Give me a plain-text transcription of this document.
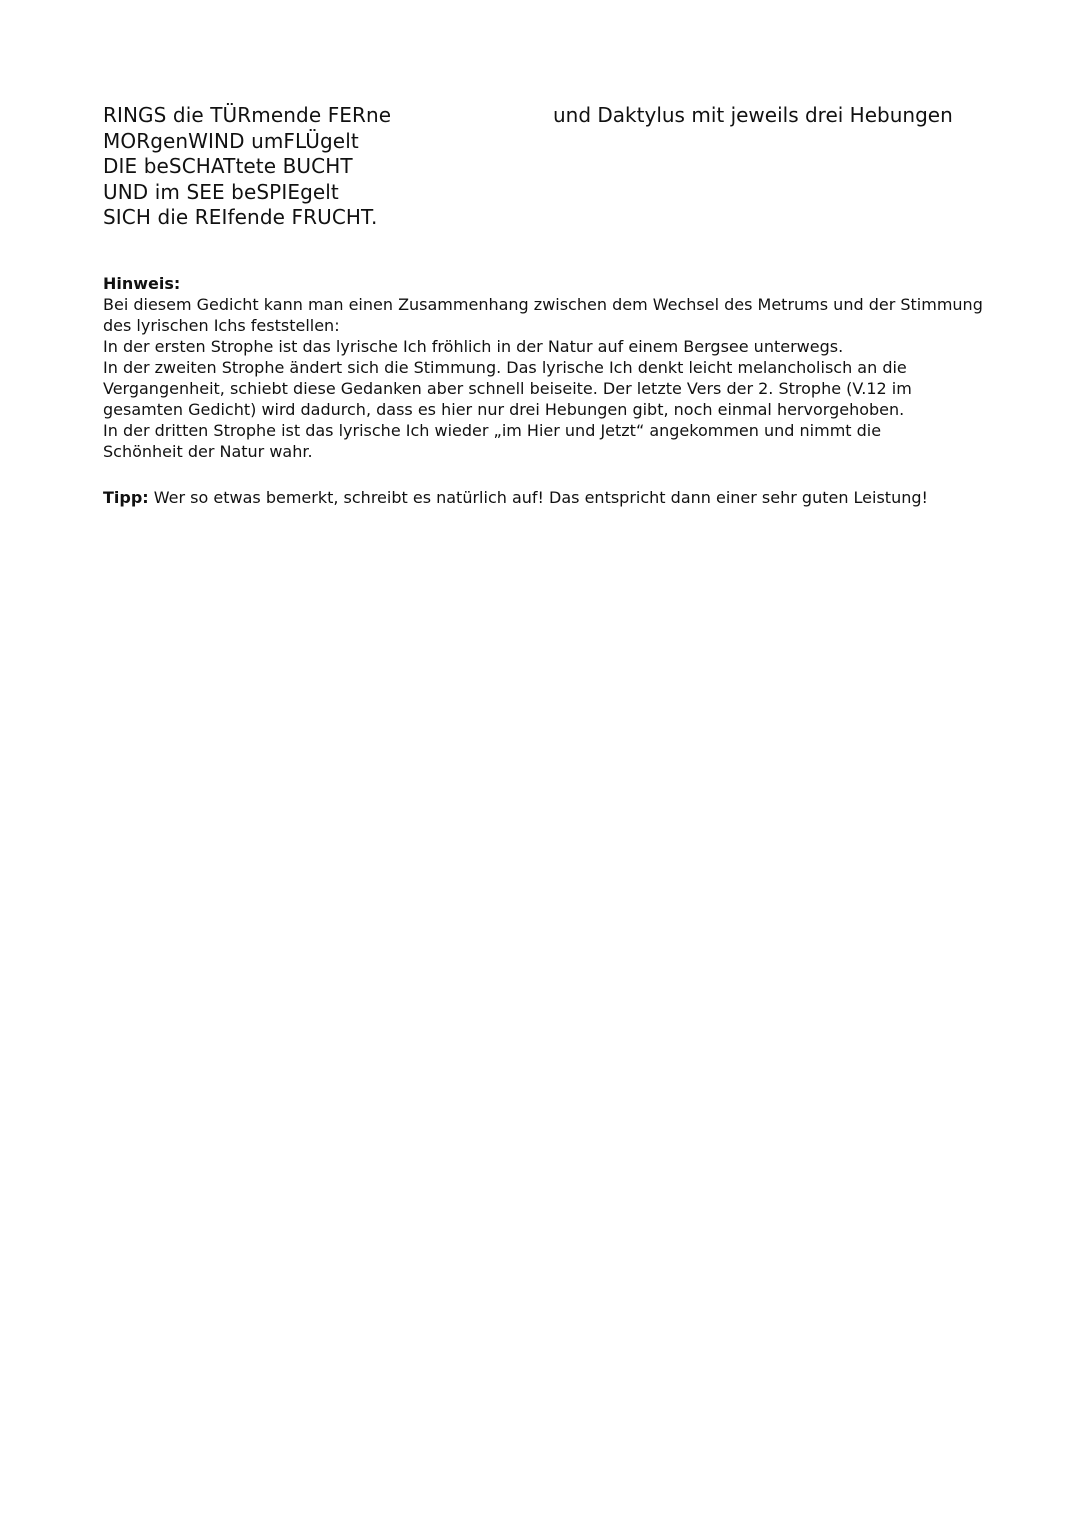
RINGS die TÜRmende FERne
MORgenWIND umFLÜgelt
DIE beSCHATtete BUCHT
UND im SEE beSPIEgelt
SICH die REIfende FRUCHT.
und Daktylus mit jeweils drei Hebungen
Hinweis:
Bei diesem Gedicht kann man einen Zusammenhang zwischen dem Wechsel des Metrums und der Stimmung
des lyrischen Ichs feststellen:
In der ersten Strophe ist das lyrische Ich fröhlich in der Natur auf einem Bergsee unterwegs.
In der zweiten Strophe ändert sich die Stimmung. Das lyrische Ich denkt leicht melancholisch an die
Vergangenheit, schiebt diese Gedanken aber schnell beiseite. Der letzte Vers der 2. Strophe (V.12 im
gesamten Gedicht) wird dadurch, dass es hier nur drei Hebungen gibt, noch einmal hervorgehoben.
In der dritten Strophe ist das lyrische Ich wieder „im Hier und Jetzt“ angekommen und nimmt die
Schönheit der Natur wahr.
Tipp: Wer so etwas bemerkt, schreibt es natürlich auf! Das entspricht dann einer sehr guten Leistung!
